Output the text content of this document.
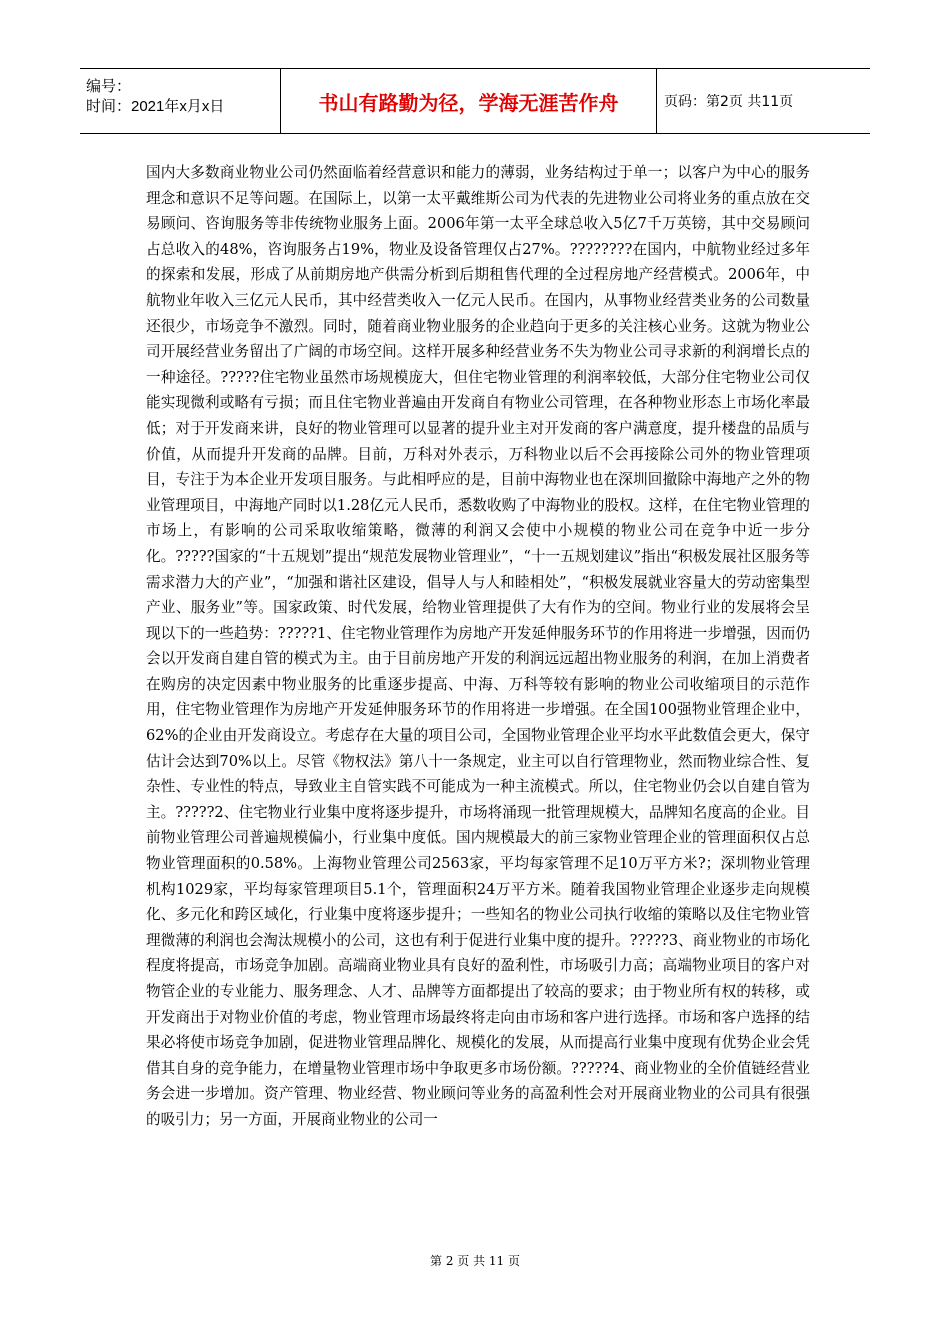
编号：
时间：2021年x月x日	书山有路勤为径，学海无涯苦作舟	页码：第2页 共11页

国内大多数商业物业公司仍然面临着经营意识和能力的薄弱，业务结构过于单一；以客户为中心的服务理念和意识不足等问题。在国际上，以第一太平戴维斯公司为代表的先进物业公司将业务的重点放在交易顾问、咨询服务等非传统物业服务上面。2006年第一太平全球总收入5亿7千万英镑，其中交易顾问占总收入的48%，咨询服务占19%，物业及设备管理仅占27%。????????在国内，中航物业经过多年的探索和发展，形成了从前期房地产供需分析到后期租售代理的全过程房地产经营模式。2006年，中航物业年收入三亿元人民币，其中经营类收入一亿元人民币。在国内，从事物业经营类业务的公司数量还很少，市场竞争不激烈。同时，随着商业物业服务的企业趋向于更多的关注核心业务。这就为物业公司开展经营业务留出了广阔的市场空间。这样开展多种经营业务不失为物业公司寻求新的利润增长点的一种途径。?????住宅物业虽然市场规模庞大，但住宅物业管理的利润率较低，大部分住宅物业公司仅能实现微利或略有亏损；而且住宅物业普遍由开发商自有物业公司管理，在各种物业形态上市场化率最低；对于开发商来讲，良好的物业管理可以显著的提升业主对开发商的客户满意度，提升楼盘的品质与价值，从而提升开发商的品牌。目前，万科对外表示，万科物业以后不会再接除公司外的物业管理项目，专注于为本企业开发项目服务。与此相呼应的是，目前中海物业也在深圳回撤除中海地产之外的物业管理项目，中海地产同时以1.28亿元人民币，悉数收购了中海物业的股权。这样，在住宅物业管理的市场上，有影响的公司采取收缩策略，微薄的利润又会使中小规模的物业公司在竞争中近一步分化。?????国家的“十五规划”提出“规范发展物业管理业”，“十一五规划建议”指出“积极发展社区服务等需求潜力大的产业”，“加强和谐社区建设，倡导人与人和睦相处”，“积极发展就业容量大的劳动密集型产业、服务业”等。国家政策、时代发展，给物业管理提供了大有作为的空间。物业行业的发展将会呈现以下的一些趋势：?????1、住宅物业管理作为房地产开发延伸服务环节的作用将进一步增强，因而仍会以开发商自建自管的模式为主。由于目前房地产开发的利润远远超出物业服务的利润，在加上消费者在购房的决定因素中物业服务的比重逐步提高、中海、万科等较有影响的物业公司收缩项目的示范作用，住宅物业管理作为房地产开发延伸服务环节的作用将进一步增强。在全国100强物业管理企业中，62%的企业由开发商设立。考虑存在大量的项目公司，全国物业管理企业平均水平此数值会更大，保守估计会达到70%以上。尽管《物权法》第八十一条规定，业主可以自行管理物业，然而物业综合性、复杂性、专业性的特点，导致业主自管实践不可能成为一种主流模式。所以，住宅物业仍会以自建自管为主。?????2、住宅物业行业集中度将逐步提升，市场将涌现一批管理规模大，品牌知名度高的企业。目前物业管理公司普遍规模偏小，行业集中度低。国内规模最大的前三家物业管理企业的管理面积仅占总物业管理面积的0.58%。上海物业管理公司2563家，平均每家管理不足10万平方米?；深圳物业管理机构1029家，平均每家管理项目5.1个，管理面积24万平方米。随着我国物业管理企业逐步走向规模化、多元化和跨区域化，行业集中度将逐步提升；一些知名的物业公司执行收缩的策略以及住宅物业管理微薄的利润也会淘汰规模小的公司，这也有利于促进行业集中度的提升。?????3、商业物业的市场化程度将提高，市场竞争加剧。高端商业物业具有良好的盈利性，市场吸引力高；高端物业项目的客户对物管企业的专业能力、服务理念、人才、品牌等方面都提出了较高的要求；由于物业所有权的转移，或开发商出于对物业价值的考虑，物业管理市场最终将走向由市场和客户进行选择。市场和客户选择的结果必将使市场竞争加剧，促进物业管理品牌化、规模化的发展，从而提高行业集中度现有优势企业会凭借其自身的竞争能力，在增量物业管理市场中争取更多市场份额。?????4、商业物业的全价值链经营业务会进一步增加。资产管理、物业经营、物业顾问等业务的高盈利性会对开展商业物业的公司具有很强的吸引力；另一方面，开展商业物业的公司一

第 2 页 共 11 页
